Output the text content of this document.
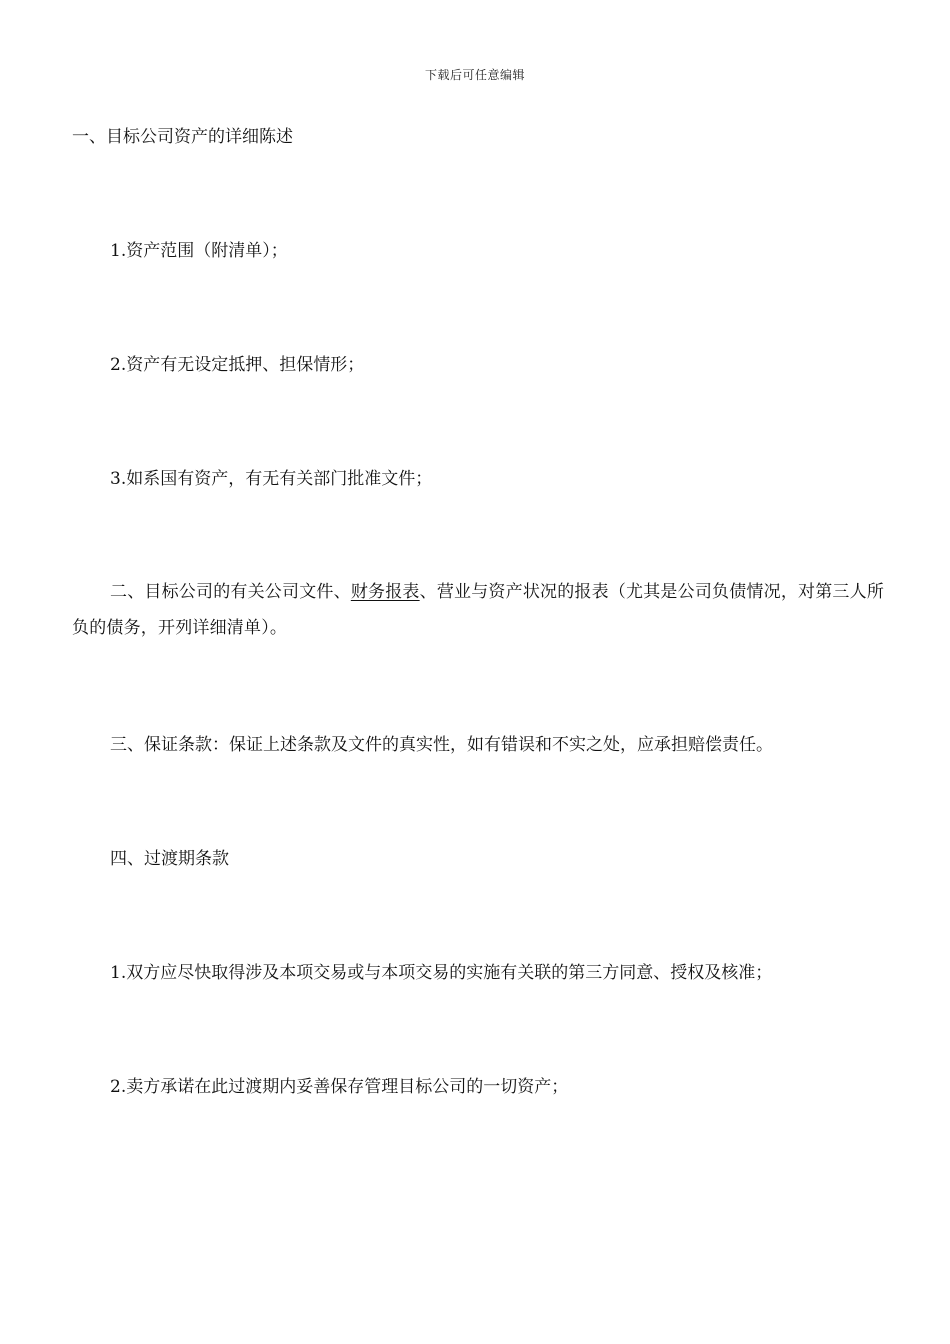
下载后可任意编辑
一、目标公司资产的详细陈述
1.资产范围（附清单）；
2.资产有无设定抵押、担保情形；
3.如系国有资产，有无有关部门批准文件；
二、目标公司的有关公司文件、财务报表、营业与资产状况的报表（尤其是公司负债情况，对第三人所负的债务，开列详细清单）。
三、保证条款：保证上述条款及文件的真实性，如有错误和不实之处，应承担赔偿责任。
四、过渡期条款
1.双方应尽快取得涉及本项交易或与本项交易的实施有关联的第三方同意、授权及核准；
2.卖方承诺在此过渡期内妥善保存管理目标公司的一切资产；
